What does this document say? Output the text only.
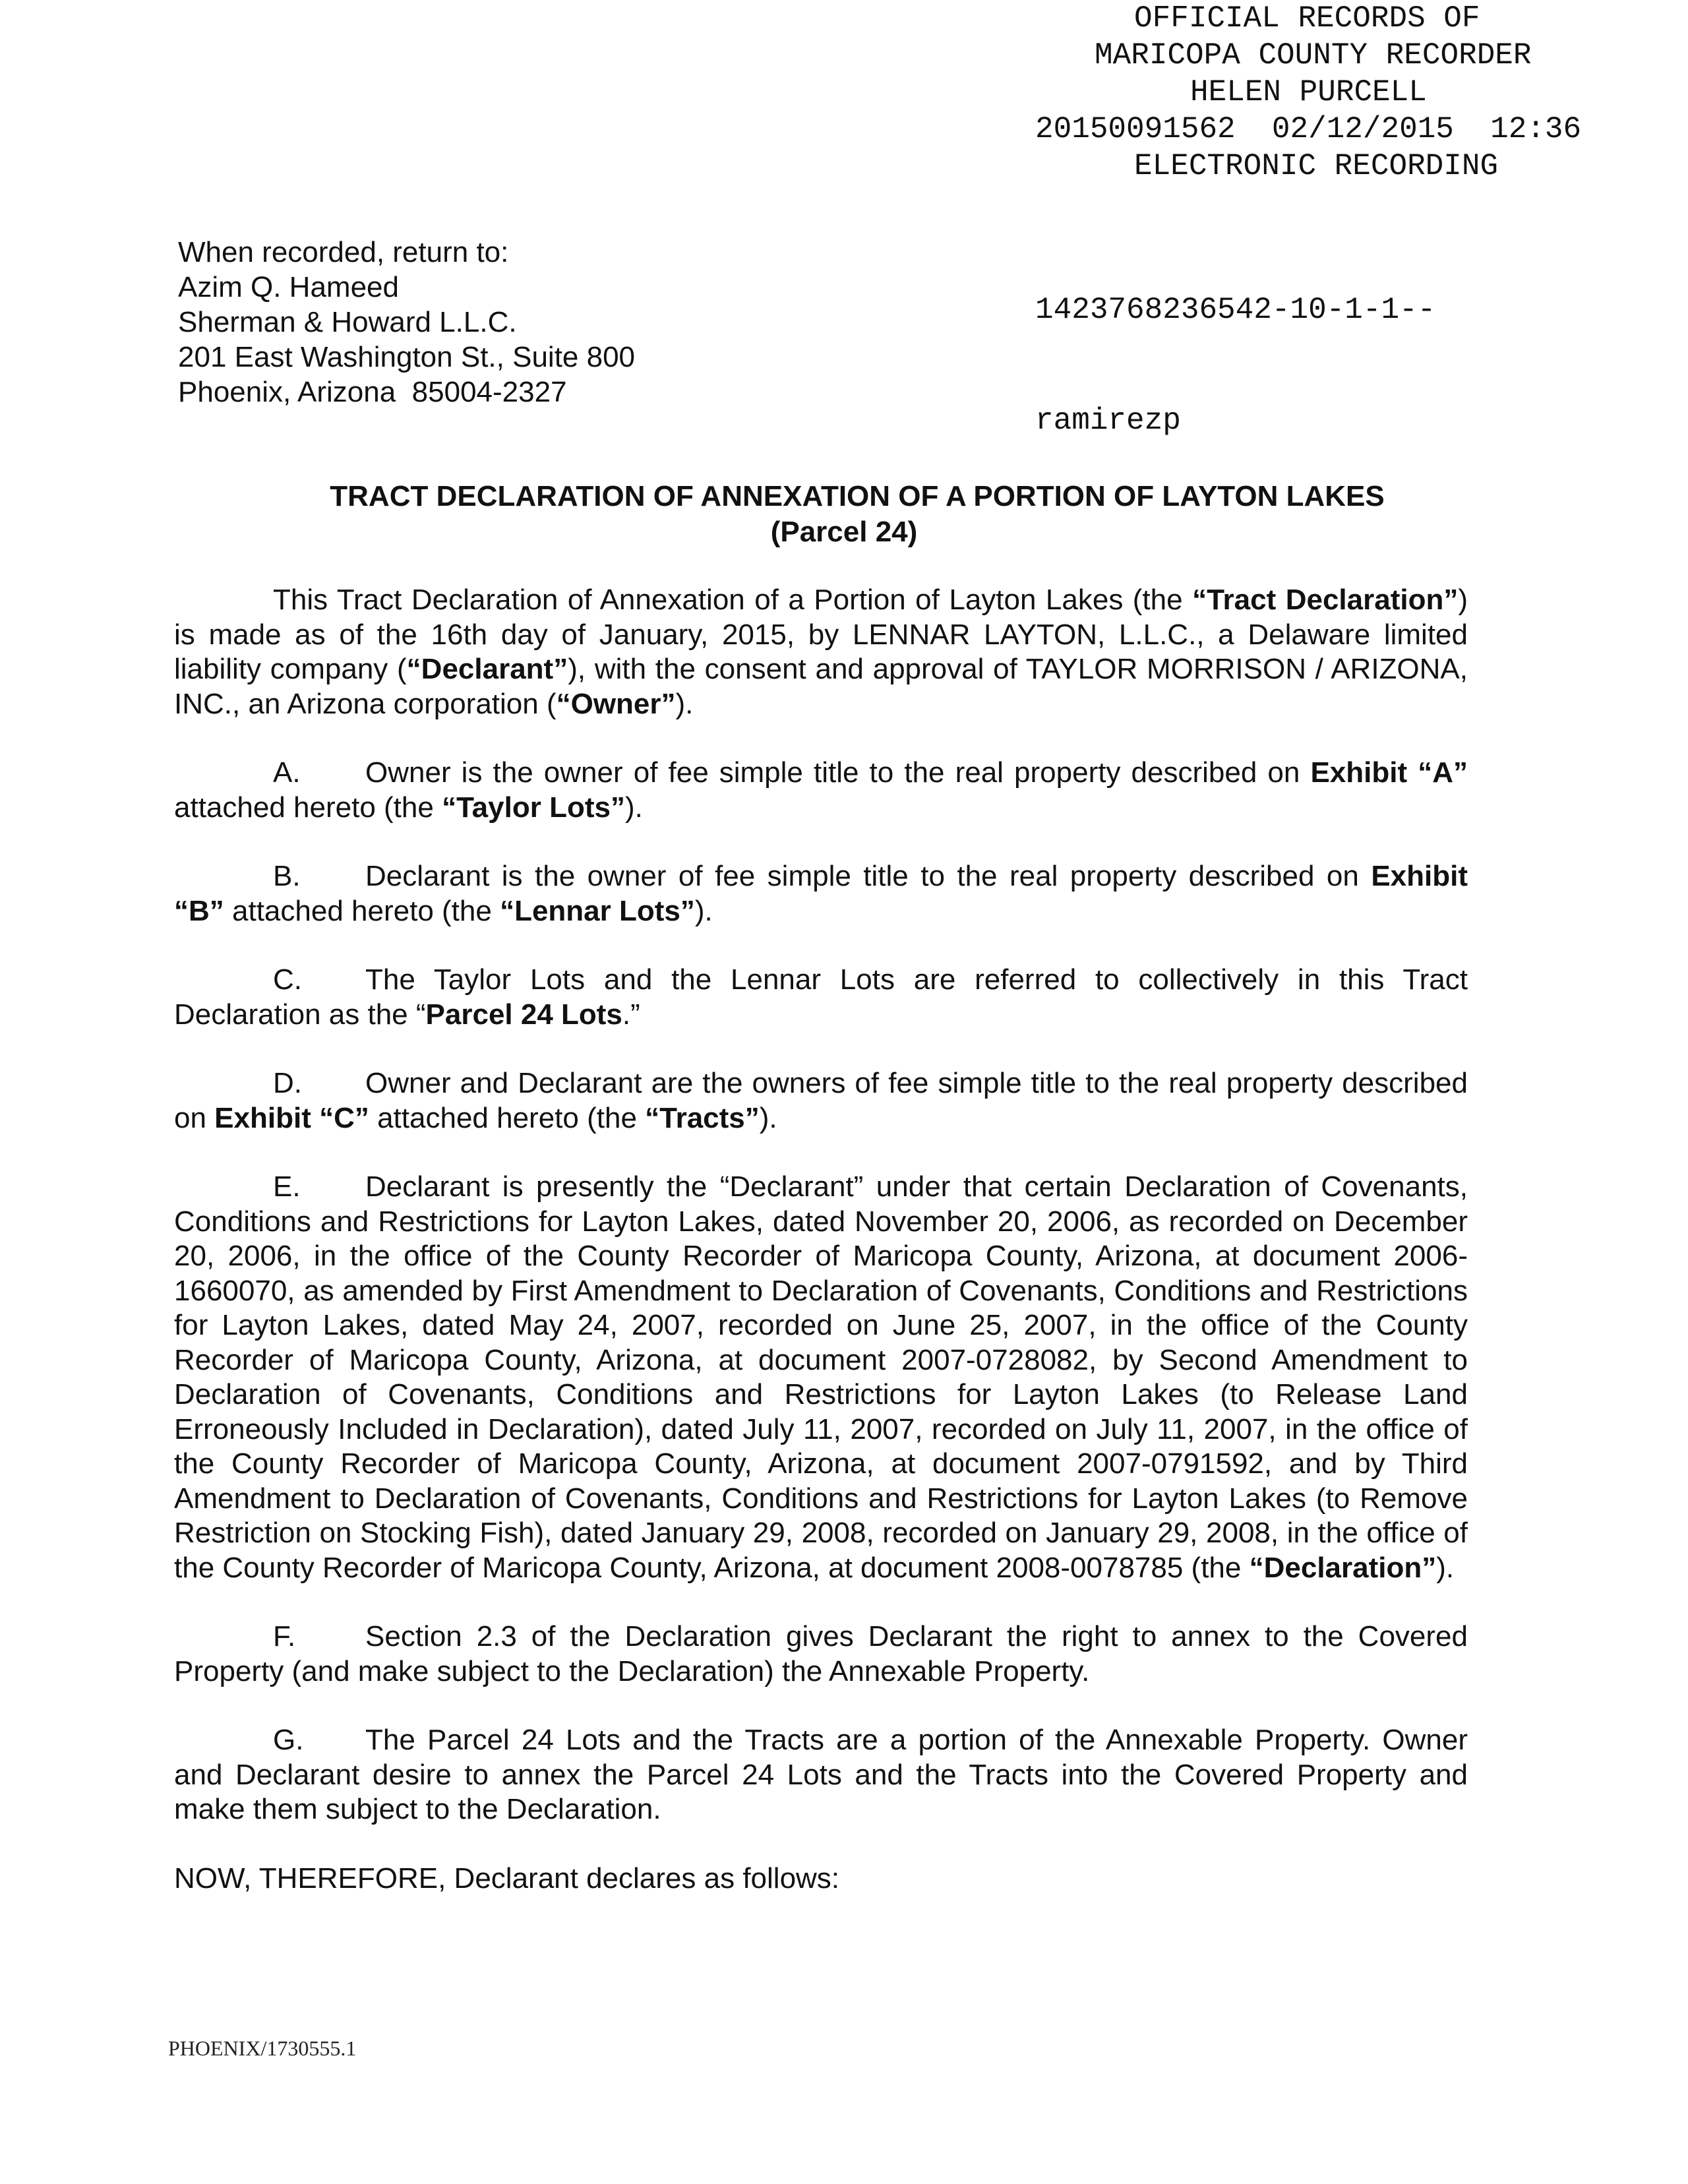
OFFICIAL RECORDS OF
MARICOPA COUNTY RECORDER
HELEN PURCELL
20150091562  02/12/2015  12:36
ELECTRONIC RECORDING

1423768236542-10-1-1--

ramirezp

When recorded, return to:
Azim Q. Hameed
Sherman & Howard L.L.C.
201 East Washington St., Suite 800
Phoenix, Arizona  85004-2327
TRACT DECLARATION OF ANNEXATION OF A PORTION OF LAYTON LAKES
(Parcel 24)

This Tract Declaration of Annexation of a Portion of Layton Lakes (the “Tract Declaration”) is made as of the 16th day of January, 2015, by LENNAR LAYTON, L.L.C., a Delaware limited liability company (“Declarant”), with the consent and approval of TAYLOR MORRISON / ARIZONA, INC., an Arizona corporation (“Owner”).

A. Owner is the owner of fee simple title to the real property described on Exhibit “A” attached hereto (the “Taylor Lots”).

B. Declarant is the owner of fee simple title to the real property described on Exhibit “B” attached hereto (the “Lennar Lots”).

C. The Taylor Lots and the Lennar Lots are referred to collectively in this Tract Declaration as the “Parcel 24 Lots.”

D. Owner and Declarant are the owners of fee simple title to the real property described on Exhibit “C” attached hereto (the “Tracts”).

E. Declarant is presently the “Declarant” under that certain Declaration of Covenants, Conditions and Restrictions for Layton Lakes, dated November 20, 2006, as recorded on December 20, 2006, in the office of the County Recorder of Maricopa County, Arizona, at document 2006-1660070, as amended by First Amendment to Declaration of Covenants, Conditions and Restrictions for Layton Lakes, dated May 24, 2007, recorded on June 25, 2007, in the office of the County Recorder of Maricopa County, Arizona, at document 2007-0728082, by Second Amendment to Declaration of Covenants, Conditions and Restrictions for Layton Lakes (to Release Land Erroneously Included in Declaration), dated July 11, 2007, recorded on July 11, 2007, in the office of the County Recorder of Maricopa County, Arizona, at document 2007-0791592, and by Third Amendment to Declaration of Covenants, Conditions and Restrictions for Layton Lakes (to Remove Restriction on Stocking Fish), dated January 29, 2008, recorded on January 29, 2008, in the office of the County Recorder of Maricopa County, Arizona, at document 2008-0078785 (the “Declaration”).

F. Section 2.3 of the Declaration gives Declarant the right to annex to the Covered Property (and make subject to the Declaration) the Annexable Property.

G. The Parcel 24 Lots and the Tracts are a portion of the Annexable Property. Owner and Declarant desire to annex the Parcel 24 Lots and the Tracts into the Covered Property and make them subject to the Declaration.

NOW, THEREFORE, Declarant declares as follows:

PHOENIX/1730555.1
